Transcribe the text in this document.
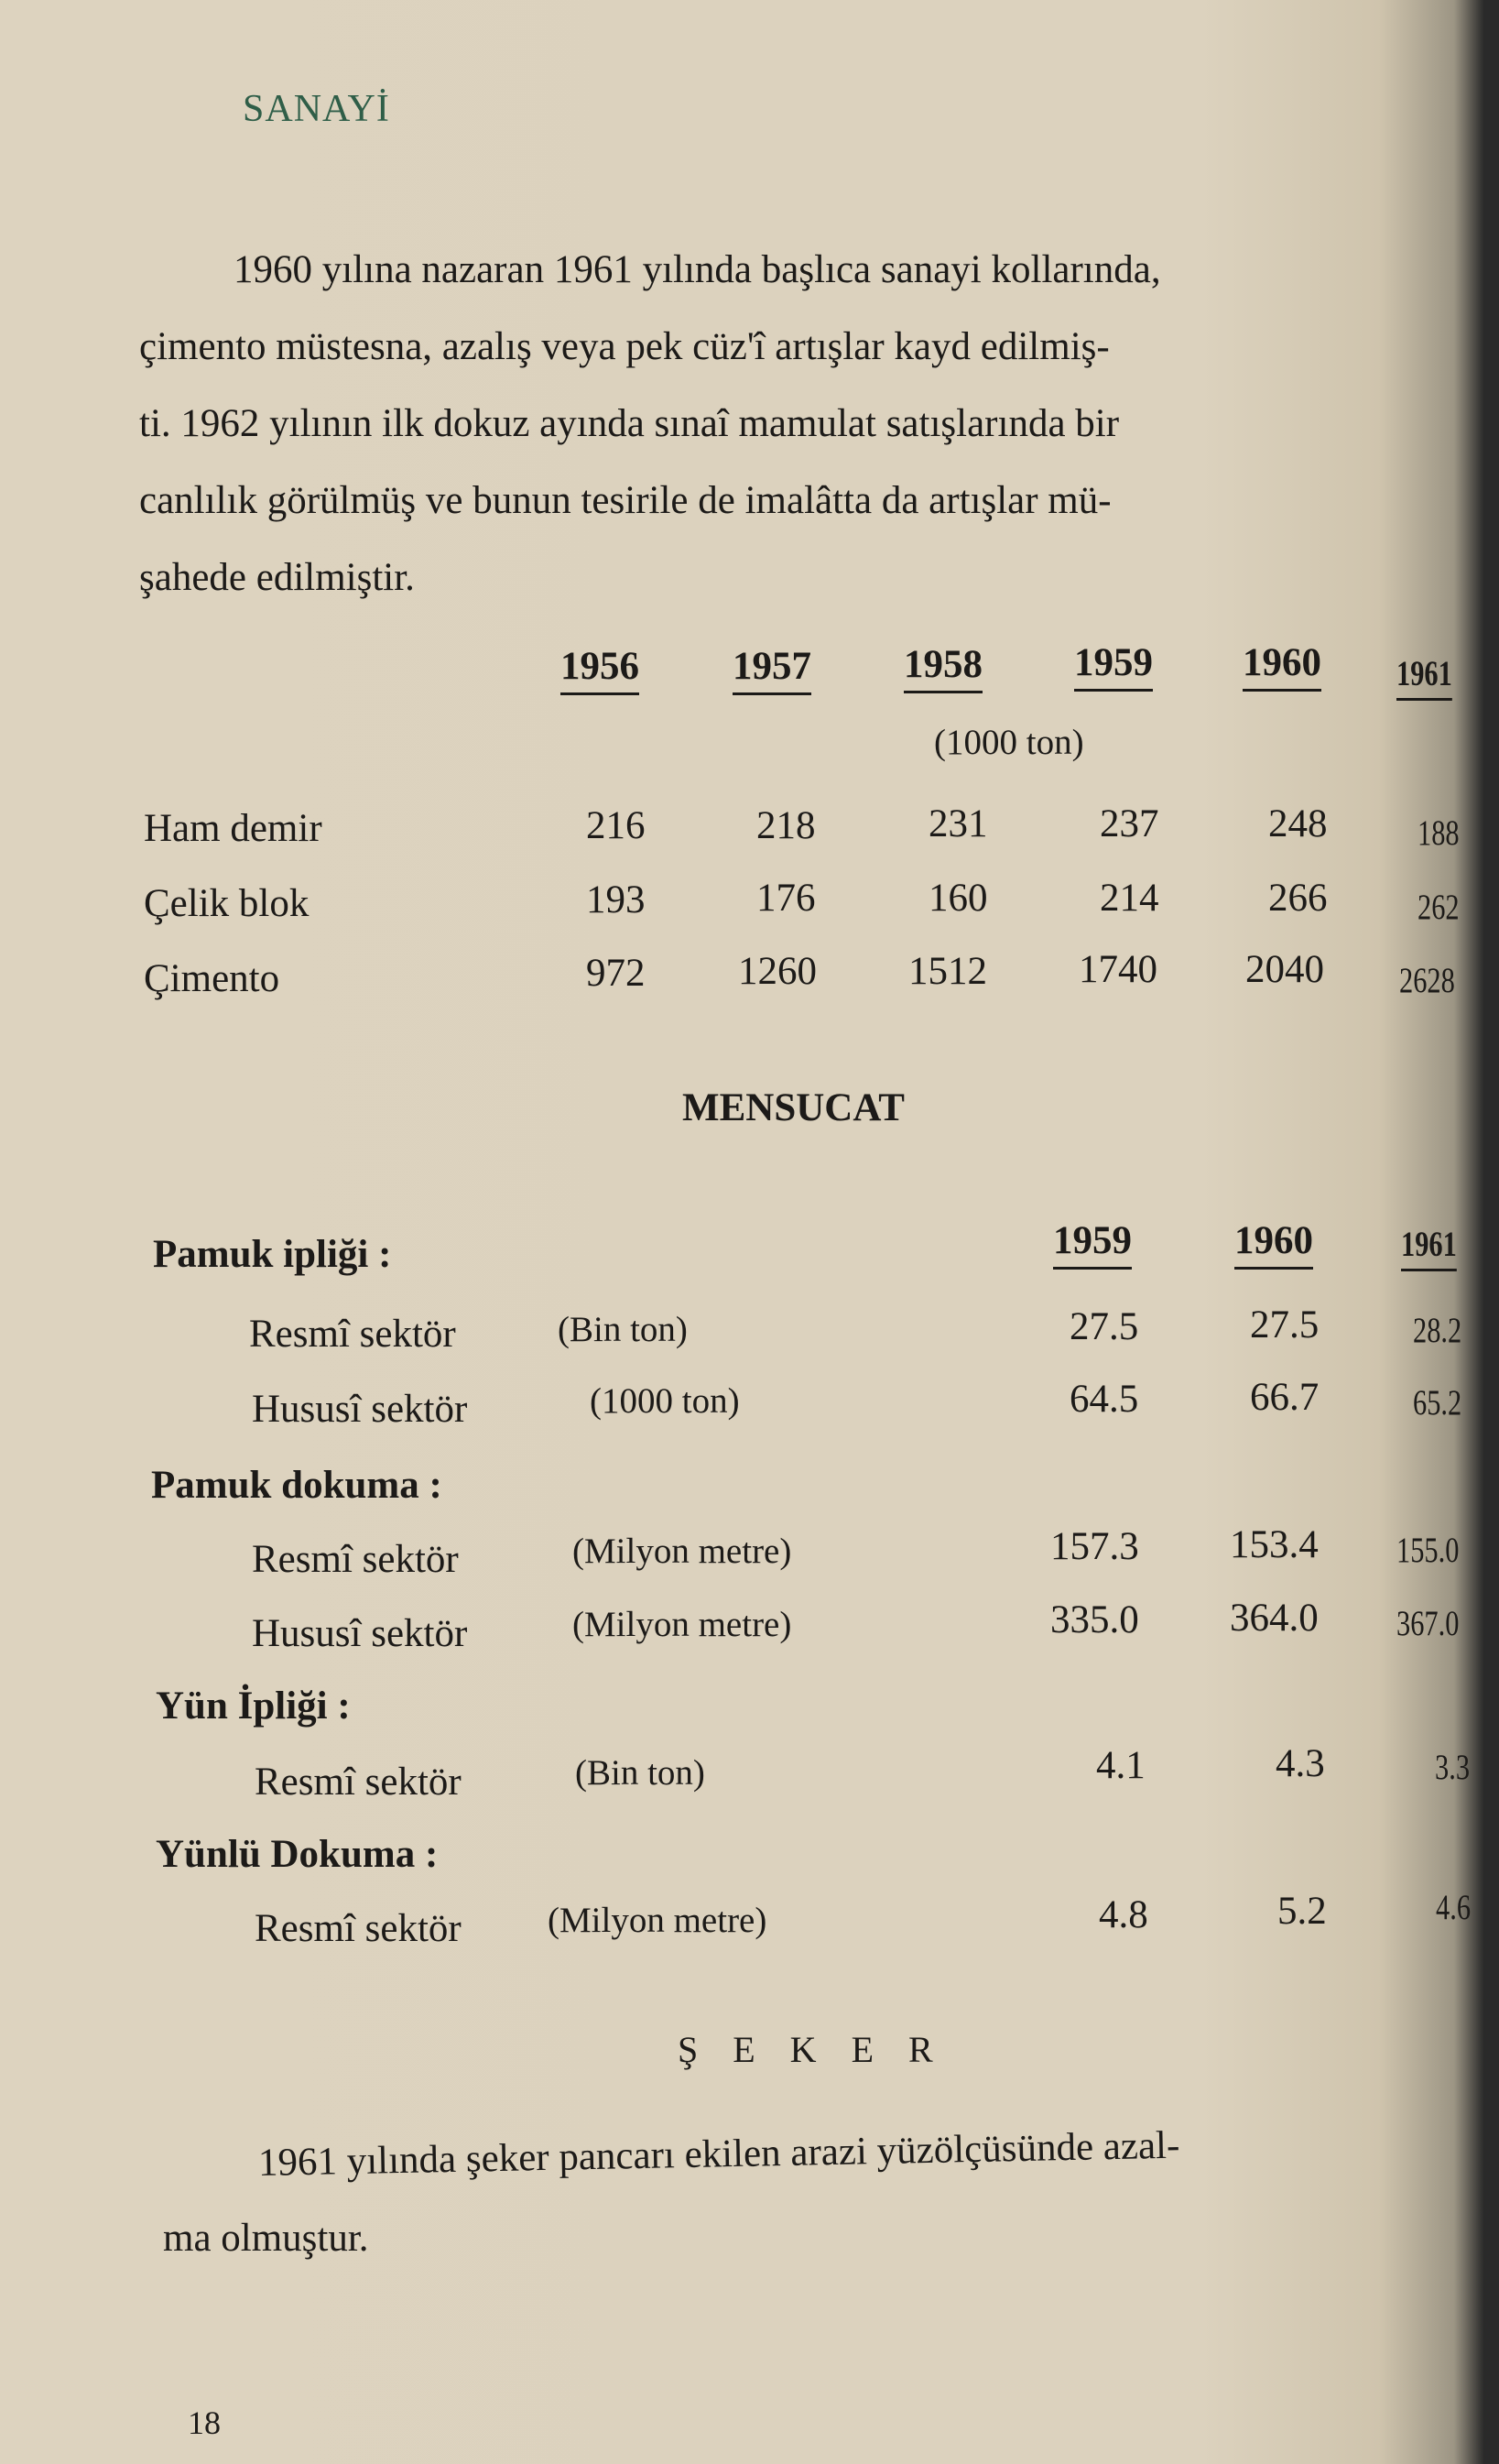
SANAYİ
1960 yılına nazaran 1961 yılında başlıca sanayi kollarında,
çimento müstesna, azalış veya pek cüz'î artışlar kayd edilmiş-
ti. 1962 yılının ilk dokuz ayında sınaî mamulat satışlarında bir
canlılık görülmüş ve bunun tesirile de imalâtta da artışlar mü-
şahede edilmiştir.
1956 1957 1958 1959 1960 1961
(1000 ton)
Ham demir	216	218	231	237	248	188
Çelik blok	193	176	160	214	266	262
Çimento	972 1260 1512 1740 2040 2628
MENSUCAT
1959	1960 1961
Pamuk ipliği :
Resmî sektör	(Bin ton)	27.5	27.5	28.2
Hususî sektör	(1000 ton)	64.5	66.7	65.2
Pamuk dokuma :
Resmî sektör	(Milyon metre)	157.3 153.4 155.0
Hususî sektör	(Milyon metre)	335.0 364.0 367.0
Yün İpliği :
Resmî sektör	(Bin ton)	4.1	4.3	3.3
Yünlü Dokuma :
Resmî sektör (Milyon metre)	4.8	5.2	4.6
Ş E K E R
1961 yılında şeker pancarı ekilen arazi yüzölçüsünde azal-
ma olmuştur.
18
